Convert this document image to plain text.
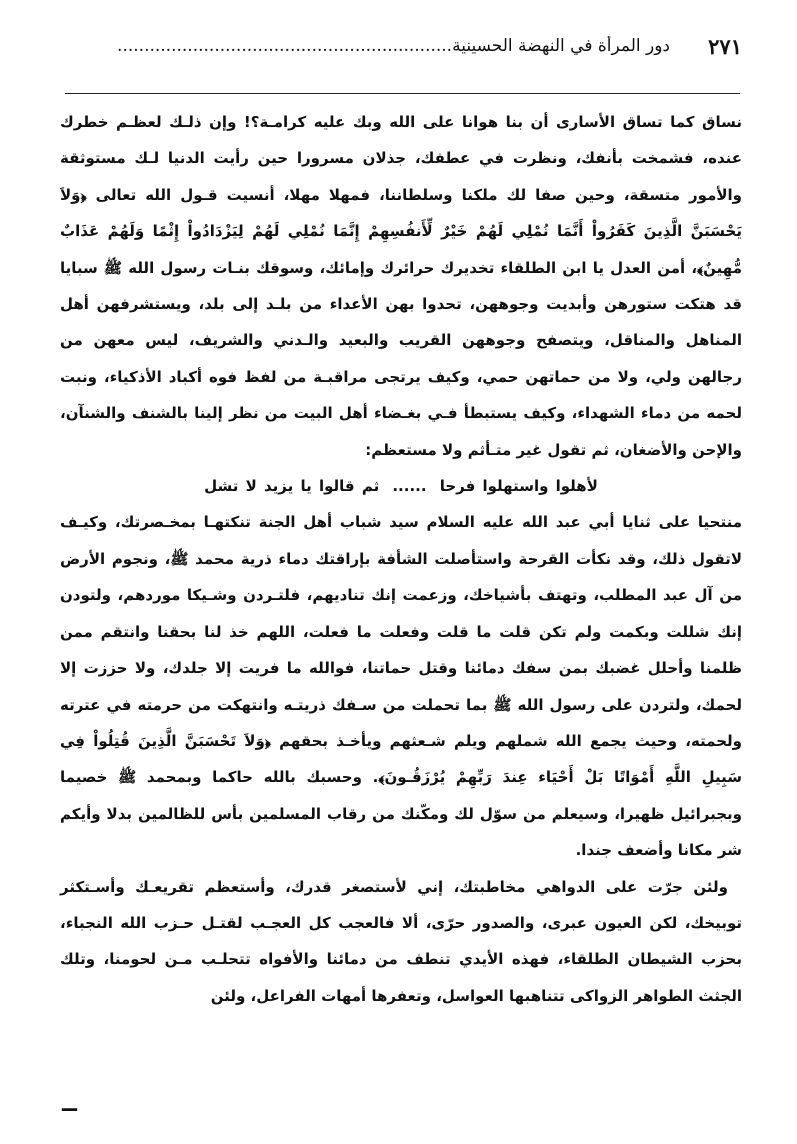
٢٧١
دور المرأة في النهضة الحسينية..............................................................

نساق كما تساق الأسارى أن بنا هوانا على الله وبك عليه كرامـة؟! وإن ذلـك لعظـم خطرك عنده، فشمخت بأنفك، ونظرت في عطفك، جذلان مسرورا حين رأيت الدنيا لـك مستوثقة والأمور متسقة، وحين صفا لك ملكنا وسلطاننا، فمهلا مهلا، أنسيت قـول الله تعالى ﴿وَلاَ يَحْسَبَنَّ الَّذِينَ كَفَرُواْ أَنَّمَا نُمْلِي لَهُمْ خَيْرٌ لِّأَنفُسِهِمْ إِنَّمَا نُمْلِي لَهُمْ لِيَزْدَادُواْ إِثْمًا وَلَهُمْ عَذَابٌ مُّهِينٌ﴾، أمن العدل يا ابن الطلقاء تخديرك حرائرك وإمائك، وسوقك بنـات رسول الله ﷺ سبايا قد هتكت ستورهن وأبديت وجوههن، تحدوا بهن الأعداء من بلـد إلى بلد، ويستشرفهن أهل المناهل والمناقل، ويتصفح وجوههن القريب والبعيد والـدني والشريف، ليس معهن من رجالهن ولي، ولا من حماتهن حمي، وكيف يرتجى مراقبـة من لفظ فوه أكباد الأذكياء، ونبت لحمه من دماء الشهداء، وكيف يستبطأ فـي بغـضاء أهل البيت من نظر إلينا بالشنف والشنآن، والإحن والأضغان، ثم تقول غير متـأثم ولا مستعظم:

لأهلوا واستهلوا فرحا ...... ثم قالوا يا يزيد لا تشل

منتحيا على ثنايا أبي عبد الله عليه السلام سيد شباب أهل الجنة تنكتهـا بمخـصرتك، وكيـف لاتقول ذلك، وقد نكأت القرحة واستأصلت الشأفة بإراقتك دماء ذرية محمد ﷺ، ونجوم الأرض من آل عبد المطلب، وتهتف بأشياخك، وزعمت إنك تناديهم، فلتـردن وشـيكا موردهم، ولتودن إنك شللت وبكمت ولم تكن قلت ما قلت وفعلت ما فعلت، اللهم خذ لنا بحقنا وانتقم ممن ظلمنا وأحلل غضبك بمن سفك دمائنا وقتل حماتنا، فوالله ما فريت إلا جلدك، ولا حززت إلا لحمك، ولتردن على رسول الله ﷺ بما تحملت من سـفك ذريتـه وانتهكت من حرمته في عترته ولحمته، وحيث يجمع الله شملهم ويلم شـعثهم ويأخـذ بحقهم ﴿وَلاَ تَحْسَبَنَّ الَّذِينَ قُتِلُواْ فِي سَبِيلِ اللَّهِ أَمْوَاتًا بَلْ أَحْيَاء عِندَ رَبِّهِمْ يُرْزَقُـونَ﴾. وحسبك بالله حاكما وبمحمد ﷺ خصيما وبجبرائيل ظهيرا، وسيعلم من سوّل لك ومكّنك من رقاب المسلمين بأس للظالمين بدلا وأيكم شر مكانا وأضعف جندا.

ولئن جرّت على الدواهي مخاطبتك، إني لأستصغر قدرك، وأستعظم تقريعـك وأسـتكثر توبيخك، لكن العيون عبرى، والصدور حرّى، ألا فالعجب كل العجـب لقتـل حـزب الله النجباء، بحزب الشيطان الطلقاء، فهذه الأيدي تنطف من دمائنا والأفواه تتحلـب مـن لحومنا، وتلك الجثث الطواهر الزواكى تتناهبها العواسل، وتعفرها أمهات الفراعل، ولئن

ــ
